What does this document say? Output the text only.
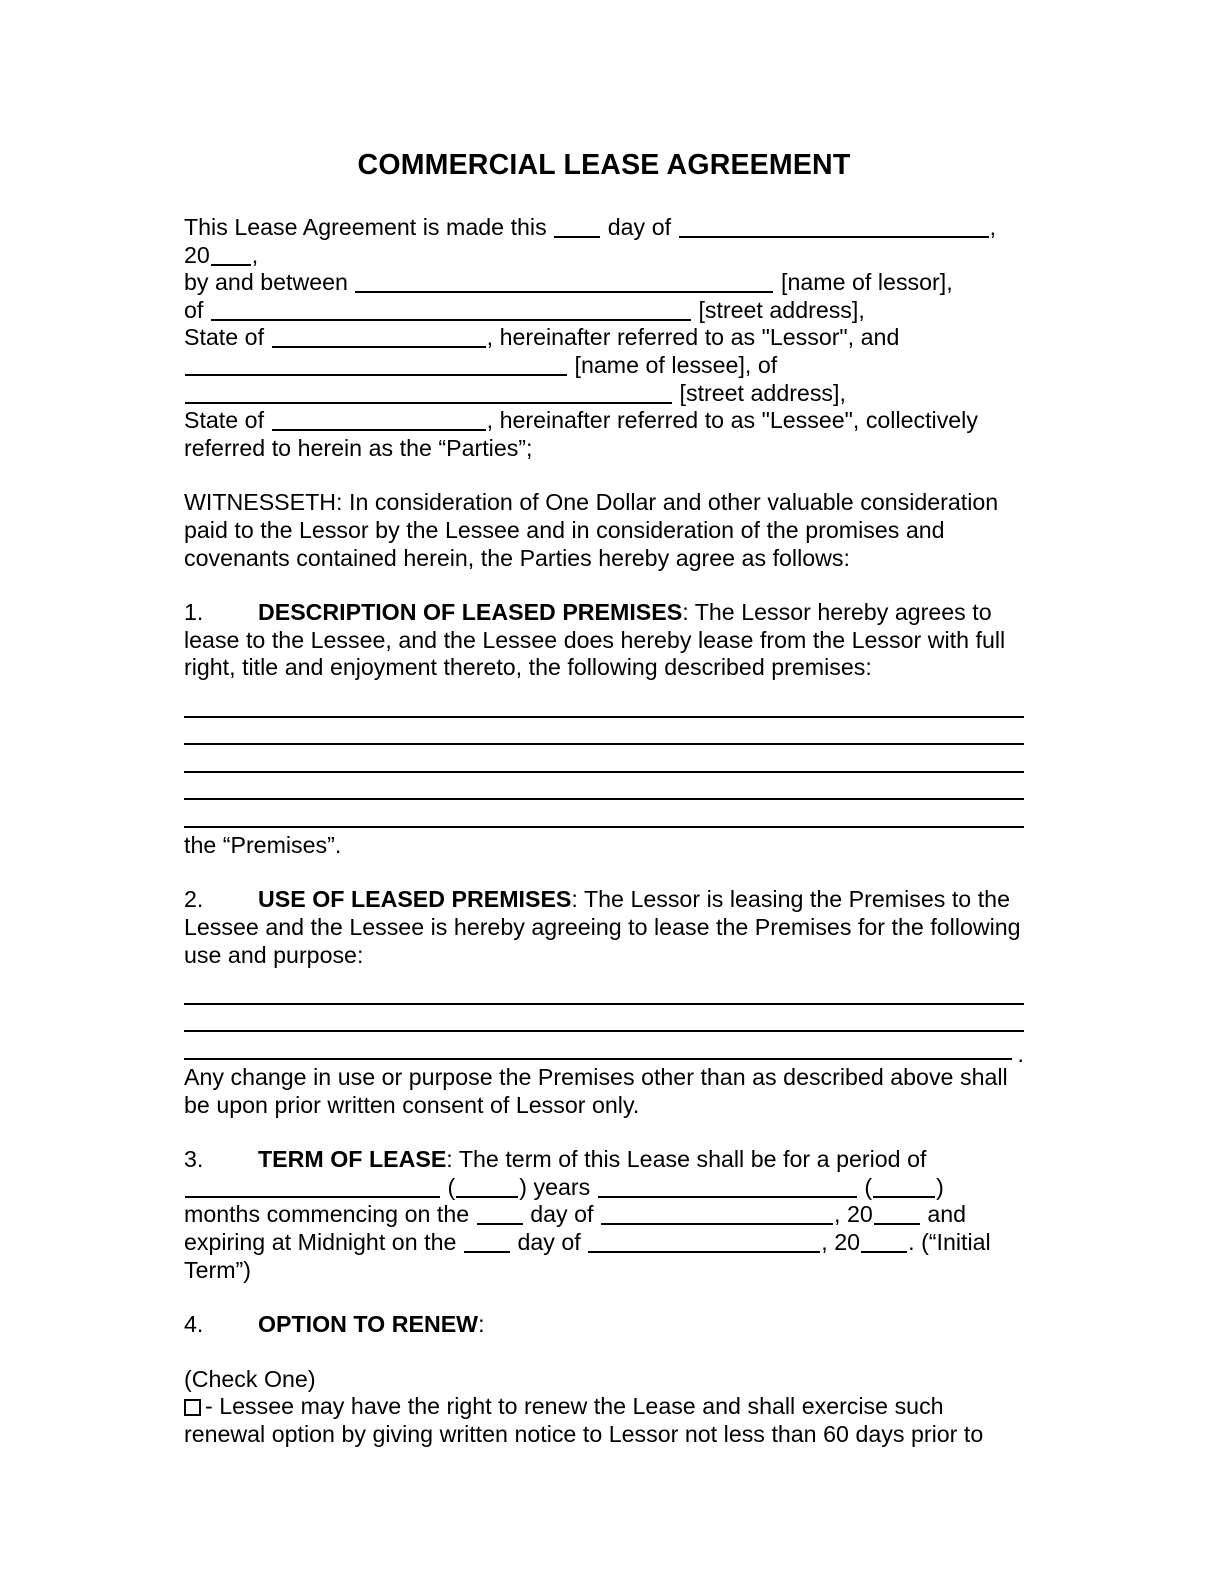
COMMERCIAL LEASE AGREEMENT
This Lease Agreement is made this	day of	, 20 ,
by and between	[name of lessor],
of	[street address],
State of	, hereinafter referred to as "Lessor", and
[name of lessee], of
[street address],
State of	, hereinafter referred to as "Lessee", collectively
referred to herein as the “Parties”;
WITNESSETH: In consideration of One Dollar and other valuable consideration paid to the Lessor by the Lessee and in consideration of the promises and covenants contained herein, the Parties hereby agree as follows:
1. DESCRIPTION OF LEASED PREMISES: The Lessor hereby agrees to lease to the Lessee, and the Lessee does hereby lease from the Lessor with full right, title and enjoyment thereto, the following described premises:
the “Premises”.
2. USE OF LEASED PREMISES: The Lessor is leasing the Premises to the Lessee and the Lessee is hereby agreeing to lease the Premises for the following use and purpose:
.
Any change in use or purpose the Premises other than as described above shall be upon prior written consent of Lessor only.
3. TERM OF LEASE: The term of this Lease shall be for a period of
(	) years	(	)
months commencing on the	day of	, 20 and
expiring at Midnight on the	day of	, 20 . (“Initial
Term”)
4. OPTION TO RENEW:
(Check One)
- Lessee may have the right to renew the Lease and shall exercise such renewal option by giving written notice to Lessor not less than 60 days prior to
